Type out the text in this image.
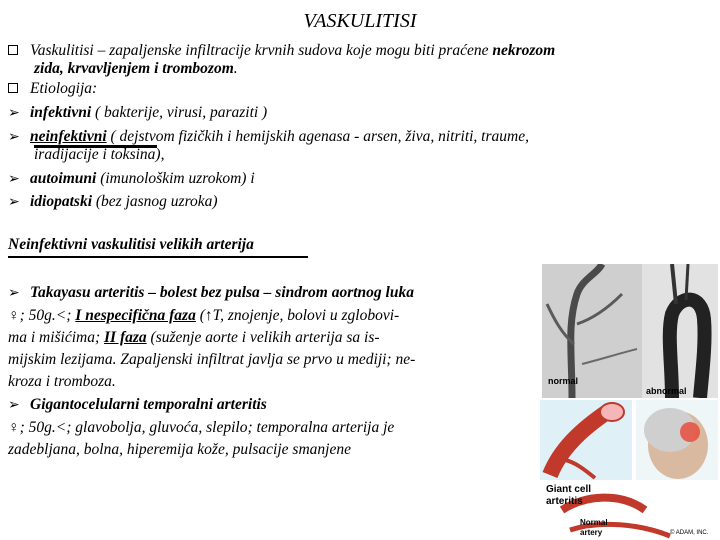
VASKULITISI
Vaskulitisi – zapaljenske infiltracije krvnih sudova koje mogu biti praćene nekrozom
zida, krvavljenjem i trombozom.
Etiologija:
➢ infektivni ( bakterije, virusi, paraziti )
➢ neinfektivni ( dejstvom fizičkih i hemijskih agenasa - arsen, živa, nitriti, traume,
iradijacije i toksina),
➢ autoimuni (imunološkim uzrokom) i
➢ idiopatski (bez jasnog uzroka)
Neinfektivni vaskulitisi velikih arterija
➢ Takayasu arteritis – bolest bez pulsa – sindrom aortnog luka
♀; 50g.<; I nespecifična faza (↑T, znojenje, bolovi u zglobovi-
ma i mišićima; II faza (suženje aorte i velikih arterija sa is-
mijskim lezijama. Zapaljenski infiltrat javlja se prvo u mediji; ne-
kroza i tromboza.
➢ Gigantocelularni temporalni arteritis
♀; 50g.<; glavobolja, gluvoća, slepilo; temporalna arterija je
zadebljana, bolna, hiperemija kože, pulsacije smanjene
normal
abnormal
Giant cell
arteritis
Normal
artery	© ADAM, INC.
